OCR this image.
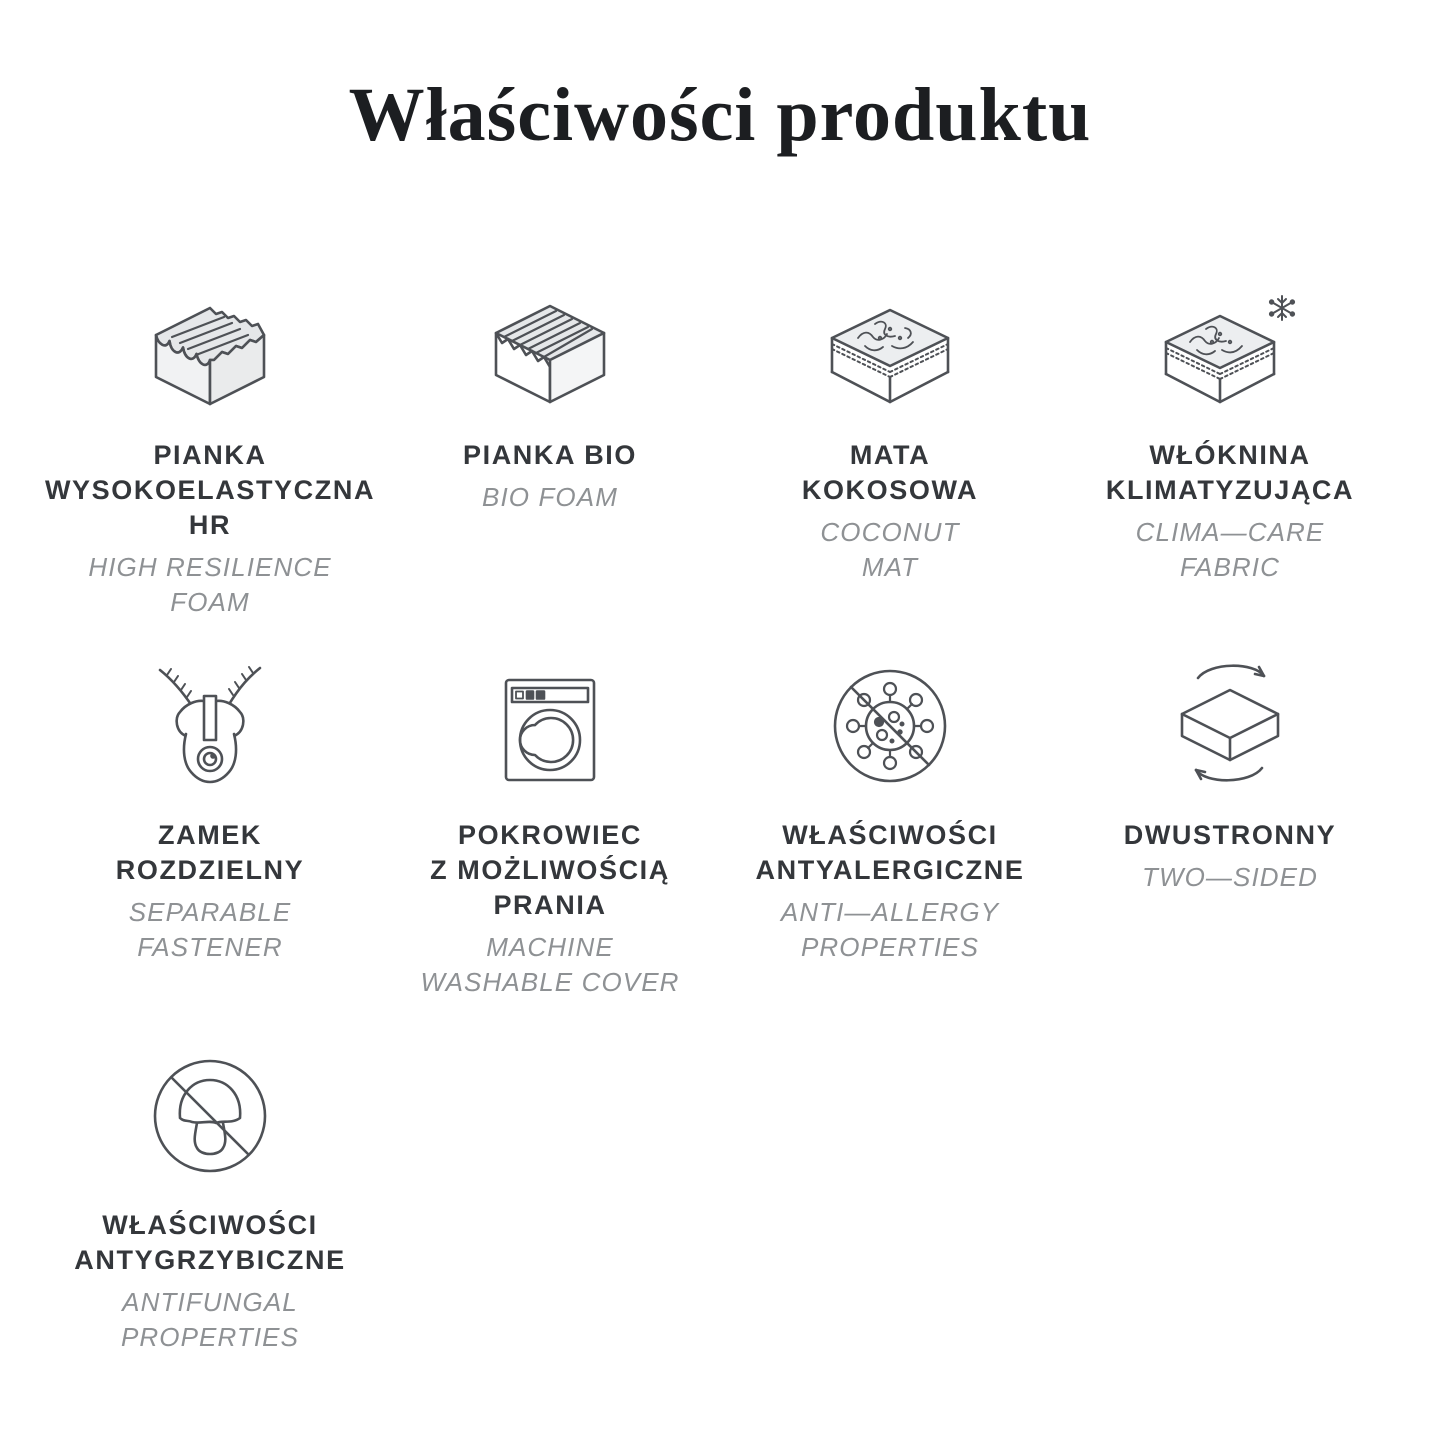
Właściwości produktu
PIANKA
WYSOKOELASTYCZNA
HR
HIGH RESILIENCE
FOAM
PIANKA BIO
BIO FOAM
MATA
KOKOSOWA
COCONUT
MAT
WŁÓKNINA
KLIMATYZUJĄCA
CLIMA—CARE
FABRIC
ZAMEK
ROZDZIELNY
SEPARABLE
FASTENER
POKROWIEC
Z MOŻLIWOŚCIĄ
PRANIA
MACHINE
WASHABLE COVER
WŁAŚCIWOŚCI
ANTYALERGICZNE
ANTI—ALLERGY
PROPERTIES
DWUSTRONNY
TWO—SIDED
WŁAŚCIWOŚCI
ANTYGRZYBICZNE
ANTIFUNGAL
PROPERTIES
